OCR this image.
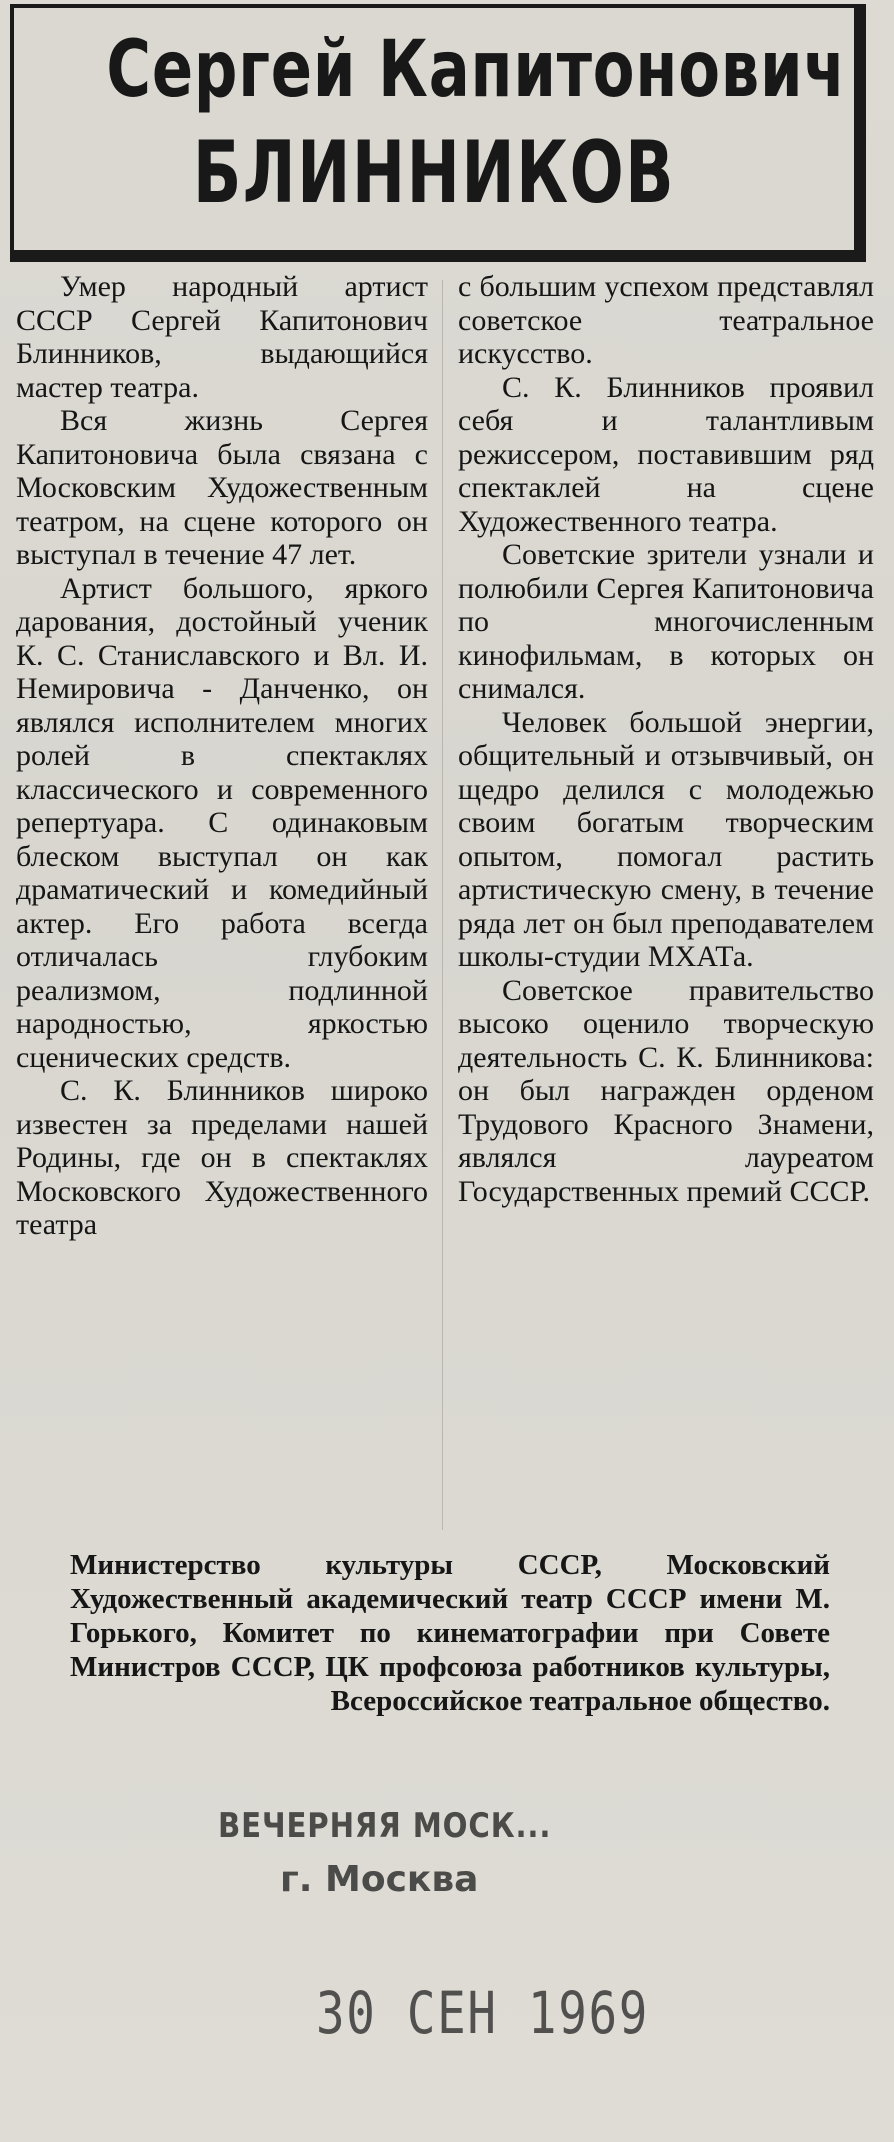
Сергей Капитонович
БЛИННИКОВ

Умер народный артист СССР Сергей Капитонович Блинников, выдающийся мастер театра.

Вся жизнь Сергея Капитоновича была связана с Московским Художественным театром, на сцене которого он выступал в течение 47 лет.

Артист большого, яркого дарования, достойный ученик К. С. Станиславского и Вл. И. Немировича - Данченко, он являлся исполнителем многих ролей в спектаклях классического и современного репертуара. С одинаковым блеском выступал он как драматический и комедийный актер. Его работа всегда отличалась глубоким реализмом, подлинной народностью, яркостью сценических средств.

С. К. Блинников широко известен за пределами нашей Родины, где он в спектаклях Московского Художественного театра

с большим успехом представлял советское театральное искусство.

С. К. Блинников проявил себя и талантливым режиссером, поставившим ряд спектаклей на сцене Художественного театра.

Советские зрители узнали и полюбили Сергея Капитоновича по многочисленным кинофильмам, в которых он снимался.

Человек большой энергии, общительный и отзывчивый, он щедро делился с молодежью своим богатым творческим опытом, помогал растить артистическую смену, в течение ряда лет он был преподавателем школы-студии МХАТа.

Советское правительство высоко оценило творческую деятельность С. К. Блинникова: он был награжден орденом Трудового Красного Знамени, являлся лауреатом Государственных премий СССР.

Министерство культуры СССР, Московский Художественный академический театр СССР имени М. Горького, Комитет по кинематографии при Совете Министров СССР, ЦК профсоюза работников культуры, Всероссийское театральное общество.
ВЕЧЕРНЯЯ МОСК...
г. Москва
30 СЕН 1969
